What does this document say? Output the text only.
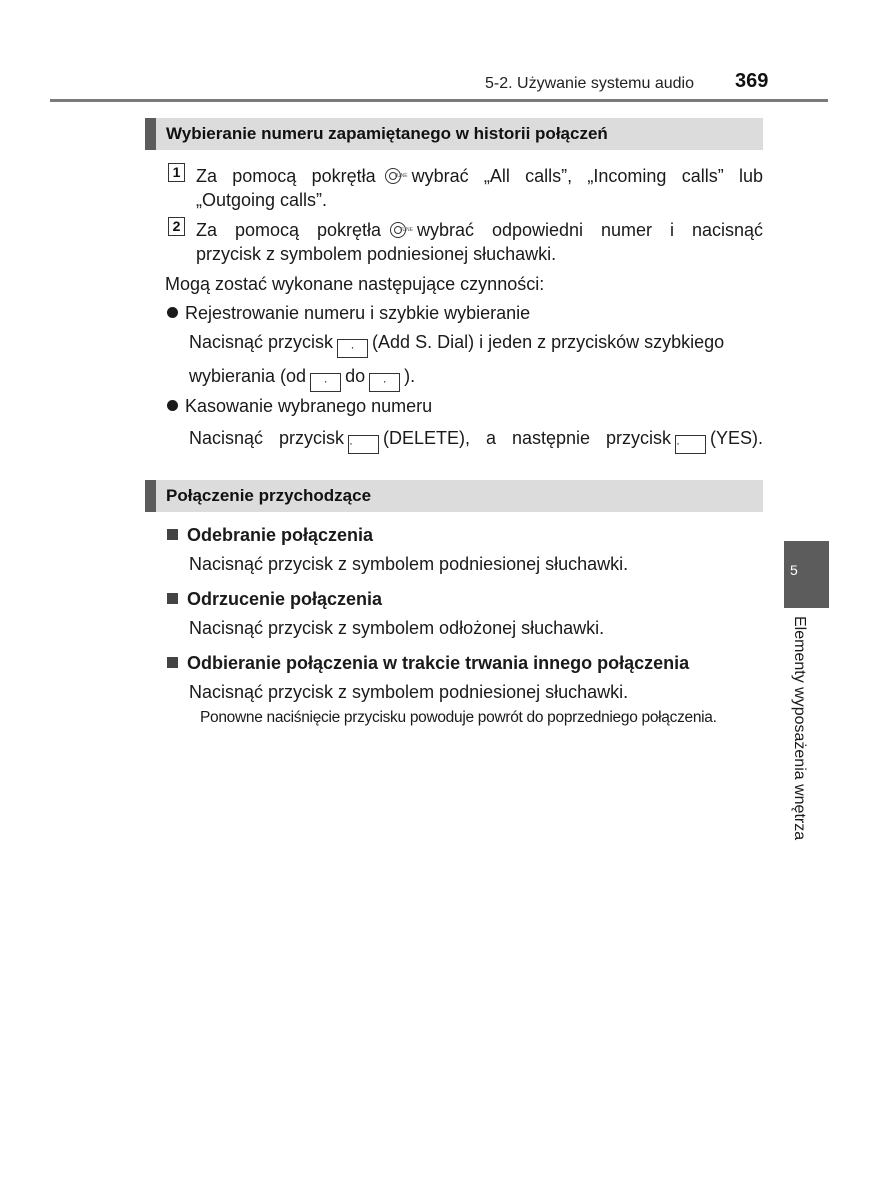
5-2. Używanie systemu audio 369
Wybieranie numeru zapamiętanego w historii połączeń
1 Za pomocą pokrętła	TUNE wybrać „All calls”, „Incoming calls” lub
„Outgoing calls”.
2 Za pomocą pokrętła	TUNE wybrać odpowiedni numer i nacisnąć
przycisk z symbolem podniesionej słuchawki.
Mogą zostać wykonane następujące czynności:
Rejestrowanie numeru i szybkie wybieranie
Nacisnąć przycisk · (Add S. Dial) i jeden z przycisków szybkiego
wybierania (od · do · ).
Kasowanie wybranego numeru
Nacisnąć przycisk · (DELETE), a następnie przycisk · (YES).
Połączenie przychodzące
Odebranie połączenia
Nacisnąć przycisk z symbolem podniesionej słuchawki.
Odrzucenie połączenia
Nacisnąć przycisk z symbolem odłożonej słuchawki.
Odbieranie połączenia w trakcie trwania innego połączenia
Nacisnąć przycisk z symbolem podniesionej słuchawki.
Ponowne naciśnięcie przycisku powoduje powrót do poprzedniego połączenia.
5
Elementy wyposażenia wnętrza
